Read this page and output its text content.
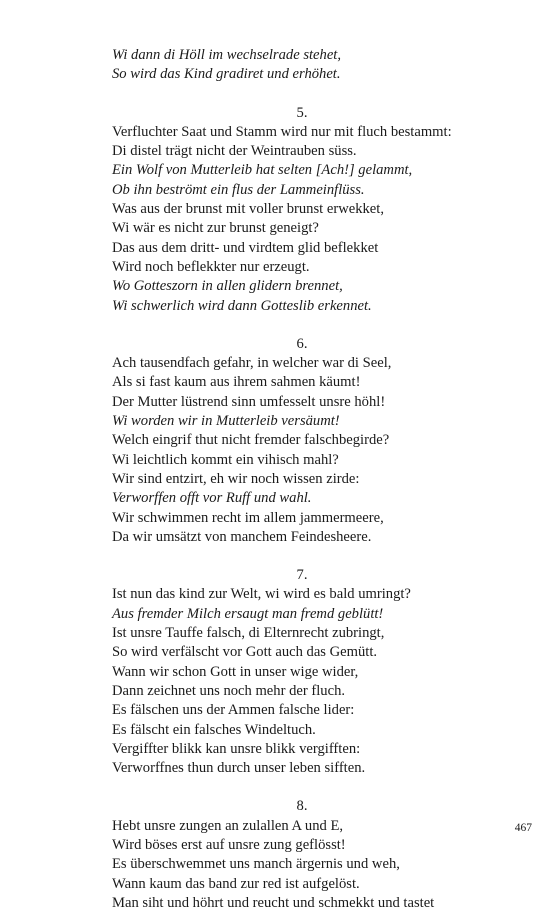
Wi dann di Höll im wechselrade stehet,
So wird das Kind gradiret und erhöhet.
5.
Verfluchter Saat und Stamm wird nur mit fluch bestammt:
Di distel trägt nicht der Weintrauben süss.
Ein Wolf von Mutterleib hat selten [Ach!] gelammt,
Ob ihn beströmt ein flus der Lammeinflüss.
Was aus der brunst mit voller brunst erwekket,
Wi wär es nicht zur brunst geneigt?
Das aus dem dritt- und virdtem glid beflekket
Wird noch beflekkter nur erzeugt.
Wo Gotteszorn in allen glidern brennet,
Wi schwerlich wird dann Gotteslib erkennet.
6.
Ach tausendfach gefahr, in welcher war di Seel,
Als si fast kaum aus ihrem sahmen käumt!
Der Mutter lüstrend sinn umfesselt unsre höhl!
Wi worden wir in Mutterleib versäumt!
Welch eingrif thut nicht fremder falschbegirde?
Wi leichtlich kommt ein vihisch mahl?
Wir sind entzirt, eh wir noch wissen zirde:
Verworffen offt vor Ruff und wahl.
Wir schwimmen recht im allem jammermeere,
Da wir umsätzt von manchem Feindesheere.
7.
Ist nun das kind zur Welt, wi wird es bald umringt?
Aus fremder Milch ersaugt man fremd geblütt!
Ist unsre Tauffe falsch, di Elternrecht zubringt,
So wird verfälscht vor Gott auch das Gemütt.
Wann wir schon Gott in unser wige wider,
Dann zeichnet uns noch mehr der fluch.
Es fälschen uns der Ammen falsche lider:
Es fälscht ein falsches Windeltuch.
Vergiffter blikk kan unsre blikk vergifften:
Verworffnes thun durch unser leben sifften.
8.
Hebt unsre zungen an zulallen A und E,
Wird böses erst auf unsre zung geflösst!
Es überschwemmet uns manch ärgernis und weh,
Wann kaum das band zur red ist aufgelöst.
Man siht und höhrt und reucht und schmekkt und tastet
467
